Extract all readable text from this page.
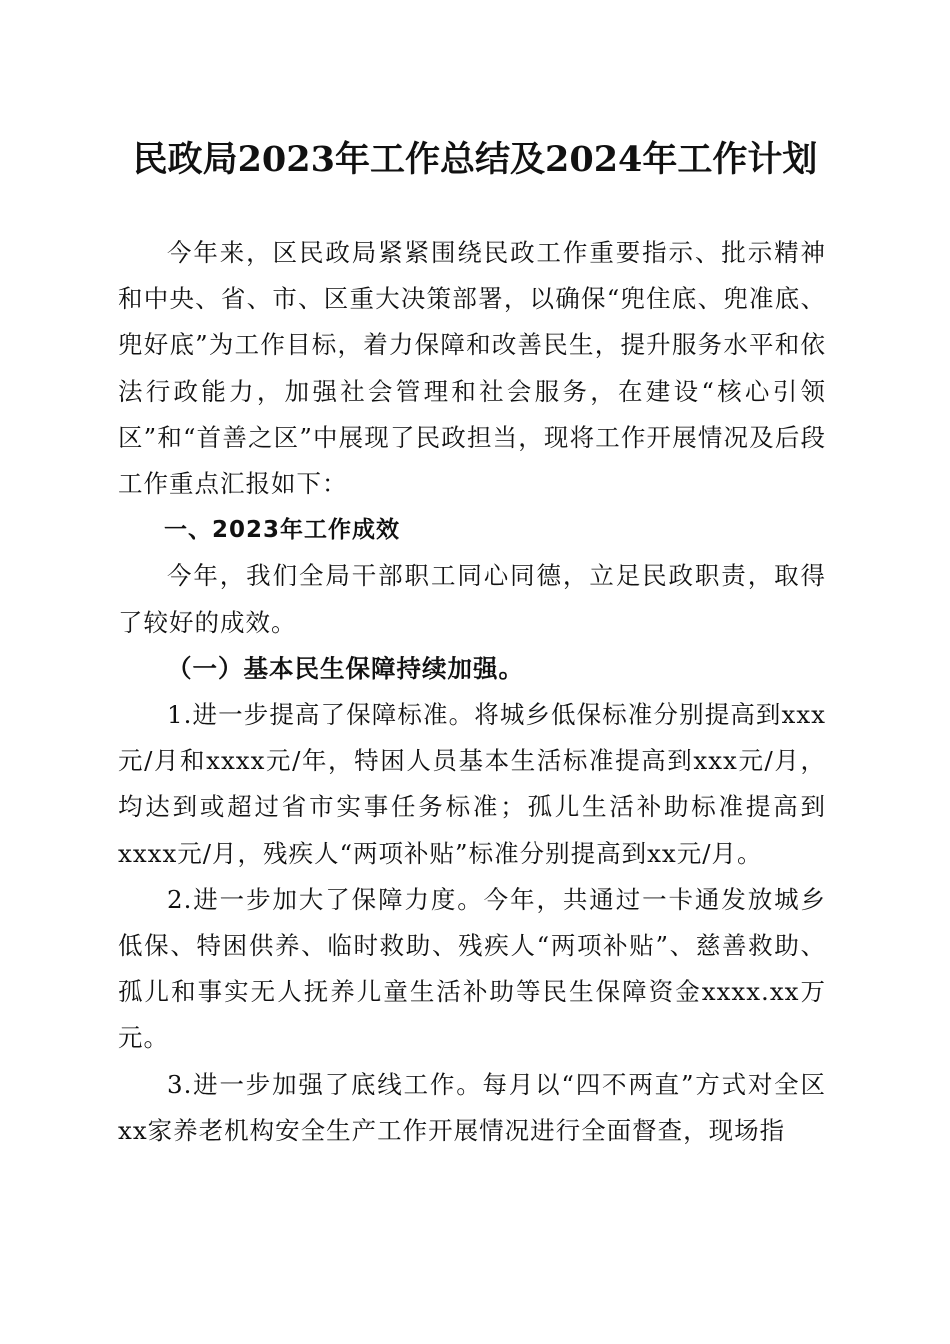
民政局2023年工作总结及2024年工作计划

今年来，区民政局紧紧围绕民政工作重要指示、批示精神和中央、省、市、区重大决策部署，以确保“兜住底、兜准底、兜好底”为工作目标，着力保障和改善民生，提升服务水平和依法行政能力，加强社会管理和社会服务，在建设“核心引领区”和“首善之区”中展现了民政担当，现将工作开展情况及后段工作重点汇报如下：

一、2023年工作成效

今年，我们全局干部职工同心同德，立足民政职责，取得了较好的成效。

（一）基本民生保障持续加强。

1.进一步提高了保障标准。将城乡低保标准分别提高到xxx元/月和xxxx元/年，特困人员基本生活标准提高到xxx元/月，均达到或超过省市实事任务标准；孤儿生活补助标准提高到xxxx元/月，残疾人“两项补贴”标准分别提高到xx元/月。

2.进一步加大了保障力度。今年，共通过一卡通发放城乡低保、特困供养、临时救助、残疾人“两项补贴”、慈善救助、孤儿和事实无人抚养儿童生活补助等民生保障资金xxxx.xx万元。

3.进一步加强了底线工作。每月以“四不两直”方式对全区xx家养老机构安全生产工作开展情况进行全面督查，现场指
